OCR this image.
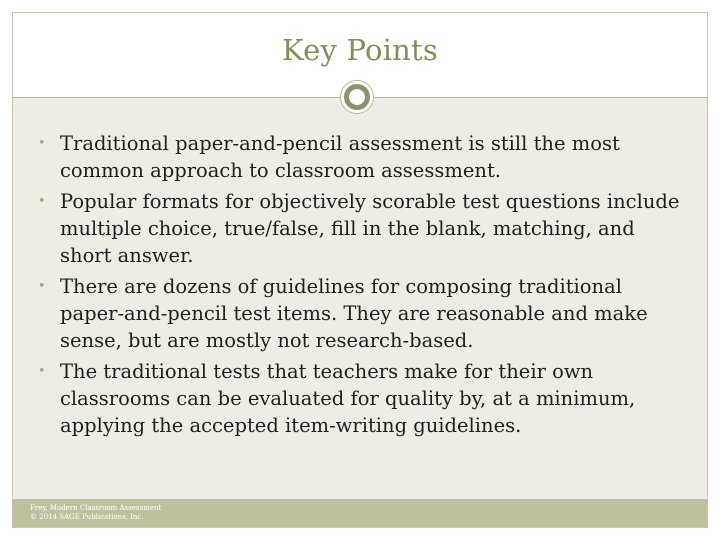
Key Points
• Traditional paper-and-pencil assessment is still the most common approach to classroom assessment.
• Popular formats for objectively scorable test questions include multiple choice, true/false, fill in the blank, matching, and short answer.
• There are dozens of guidelines for composing traditional paper-and-pencil test items. They are reasonable and make sense, but are mostly not research-based.
• The traditional tests that teachers make for their own classrooms can be evaluated for quality by, at a minimum, applying the accepted item-writing guidelines.
Frey, Modern Classroom Assessment
© 2014 SAGE Publications, Inc.
